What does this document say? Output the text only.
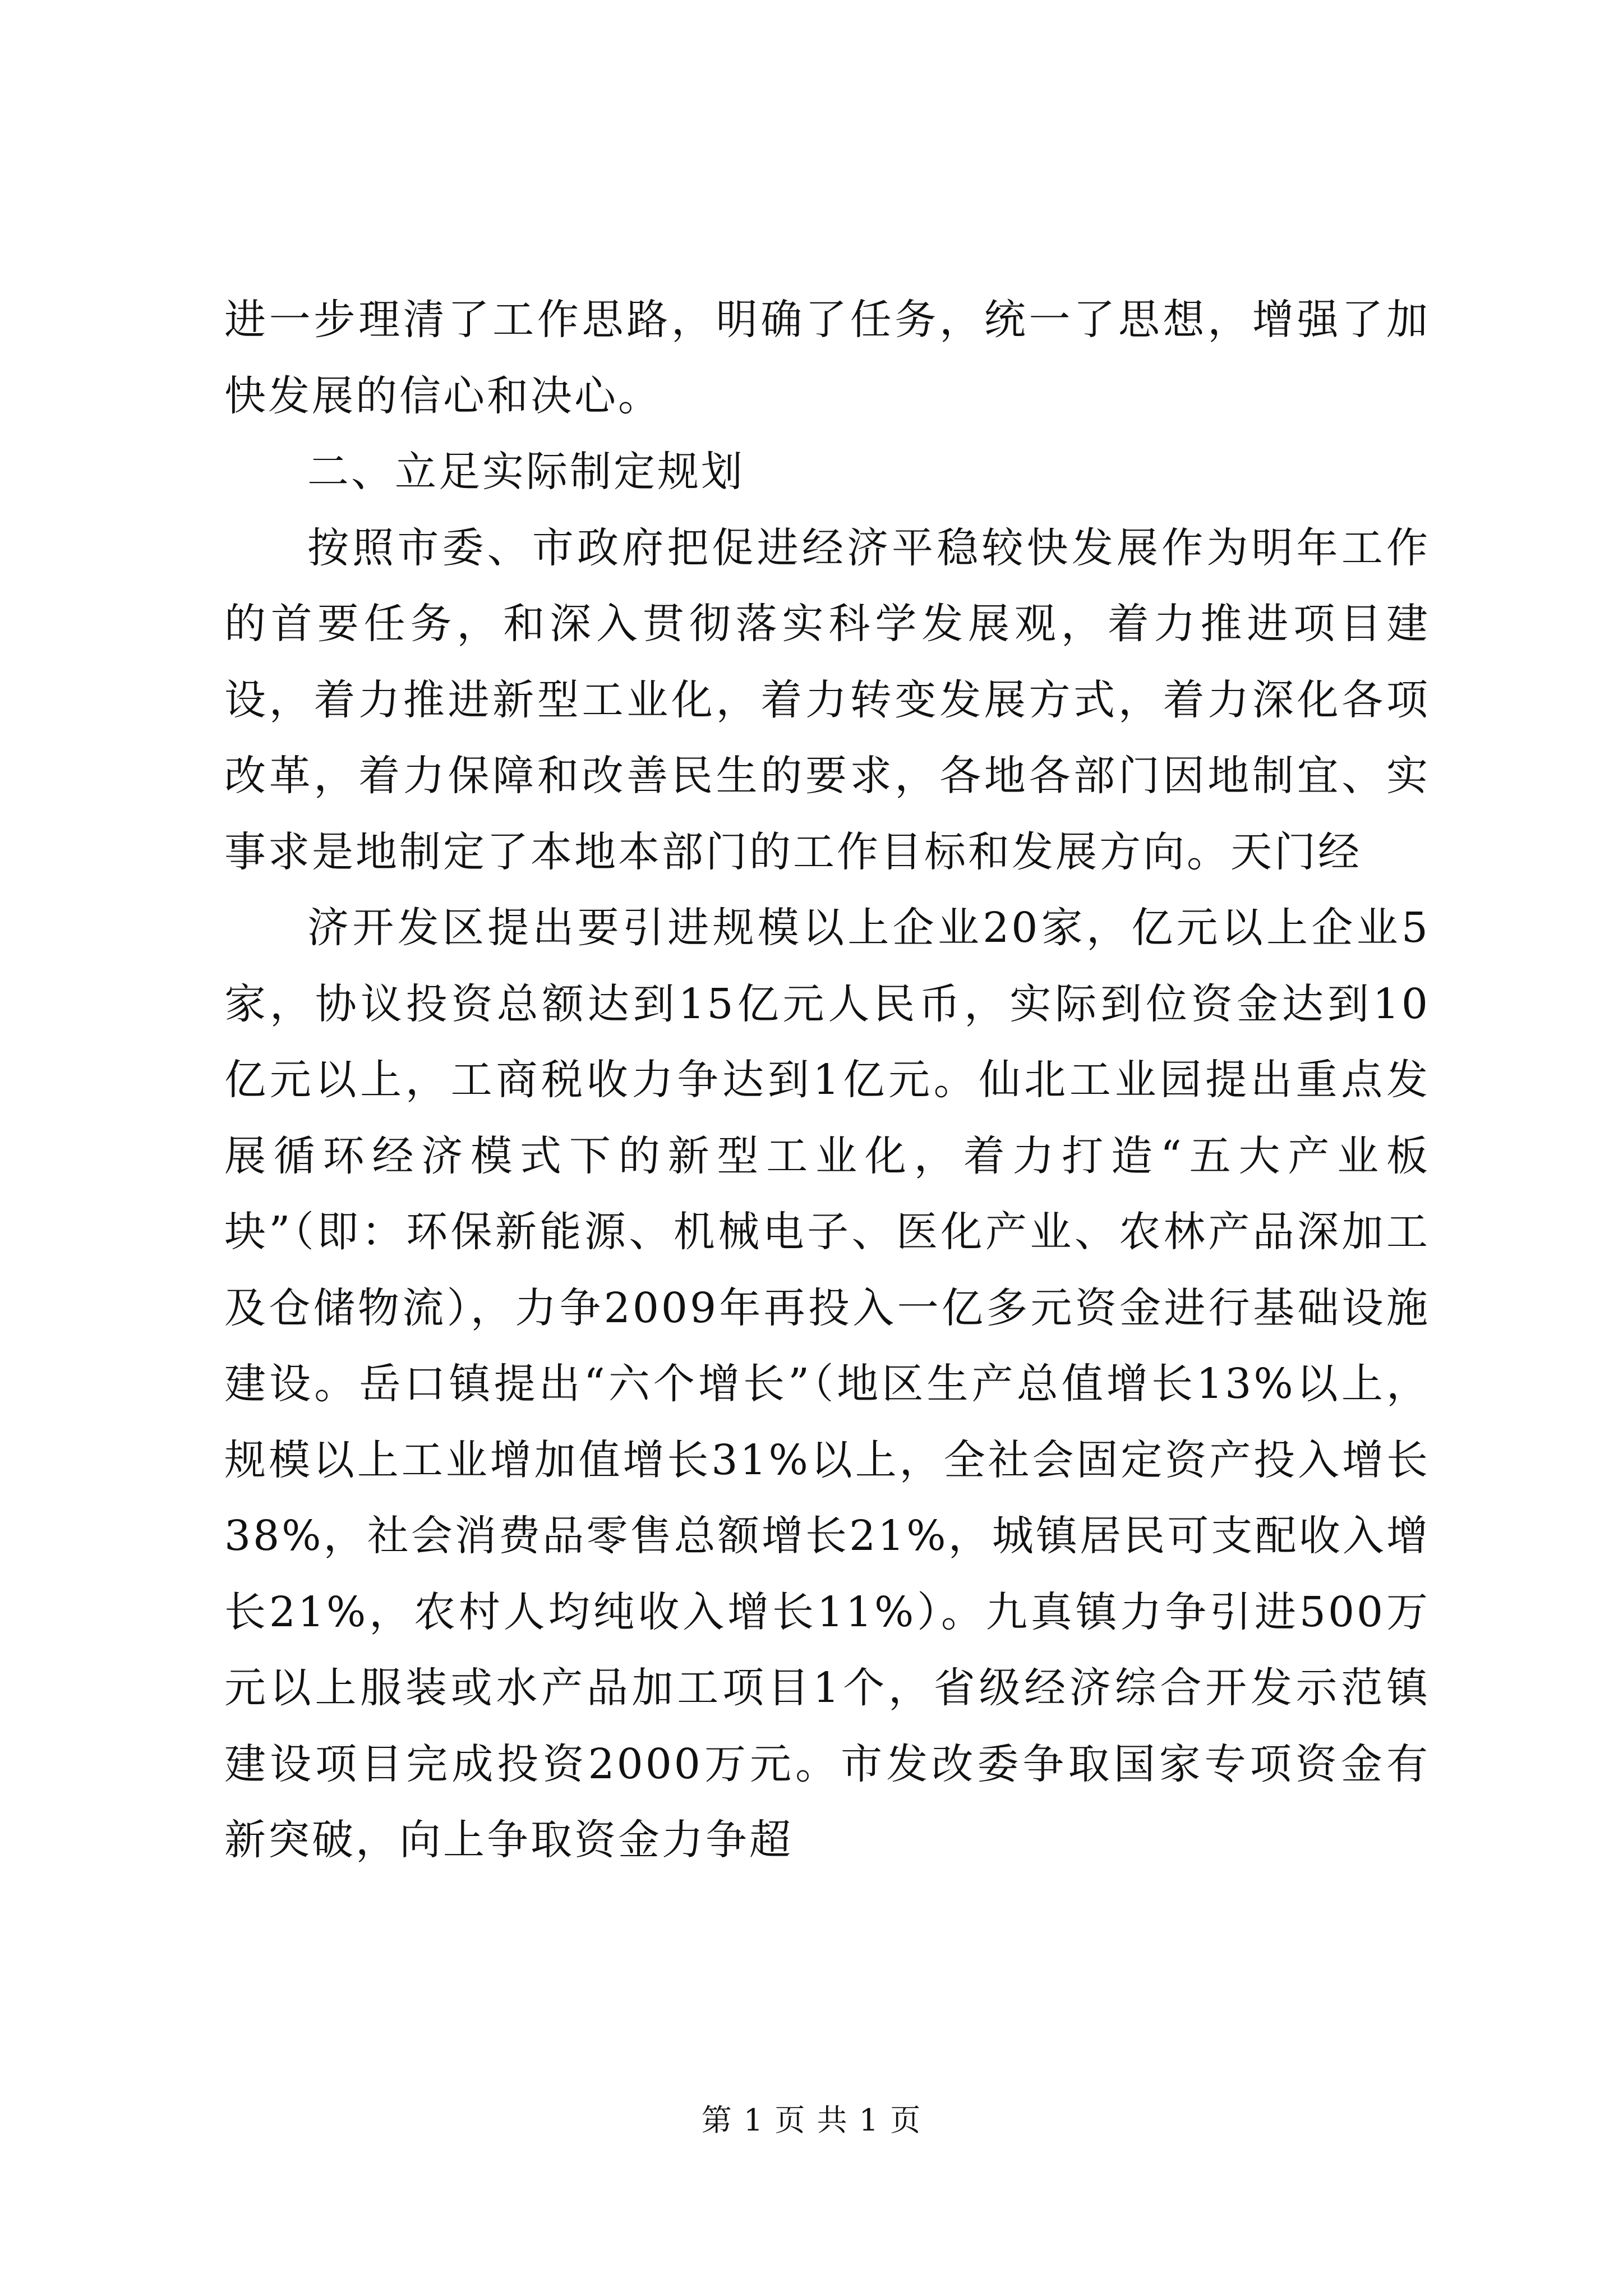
进一步理清了工作思路，明确了任务，统一了思想，增强了加快发展的信心和决心。

二、立足实际制定规划

按照市委、市政府把促进经济平稳较快发展作为明年工作的首要任务，和深入贯彻落实科学发展观，着力推进项目建设，着力推进新型工业化，着力转变发展方式，着力深化各项改革，着力保障和改善民生的要求，各地各部门因地制宜、实事求是地制定了本地本部门的工作目标和发展方向。天门经

济开发区提出要引进规模以上企业20家，亿元以上企业5家，协议投资总额达到15亿元人民币，实际到位资金达到10亿元以上，工商税收力争达到1亿元。仙北工业园提出重点发展循环经济模式下的新型工业化，着力打造“五大产业板块”（即：环保新能源、机械电子、医化产业、农林产品深加工及仓储物流），力争2009年再投入一亿多元资金进行基础设施建设。岳口镇提出“六个增长”（地区生产总值增长13%以上，规模以上工业增加值增长31%以上，全社会固定资产投入增长38%，社会消费品零售总额增长21%，城镇居民可支配收入增长21%，农村人均纯收入增长11%）。九真镇力争引进500万元以上服装或水产品加工项目1个，省级经济综合开发示范镇建设项目完成投资2000万元。市发改委争取国家专项资金有新突破，向上争取资金力争超

第 1 页 共 1 页
